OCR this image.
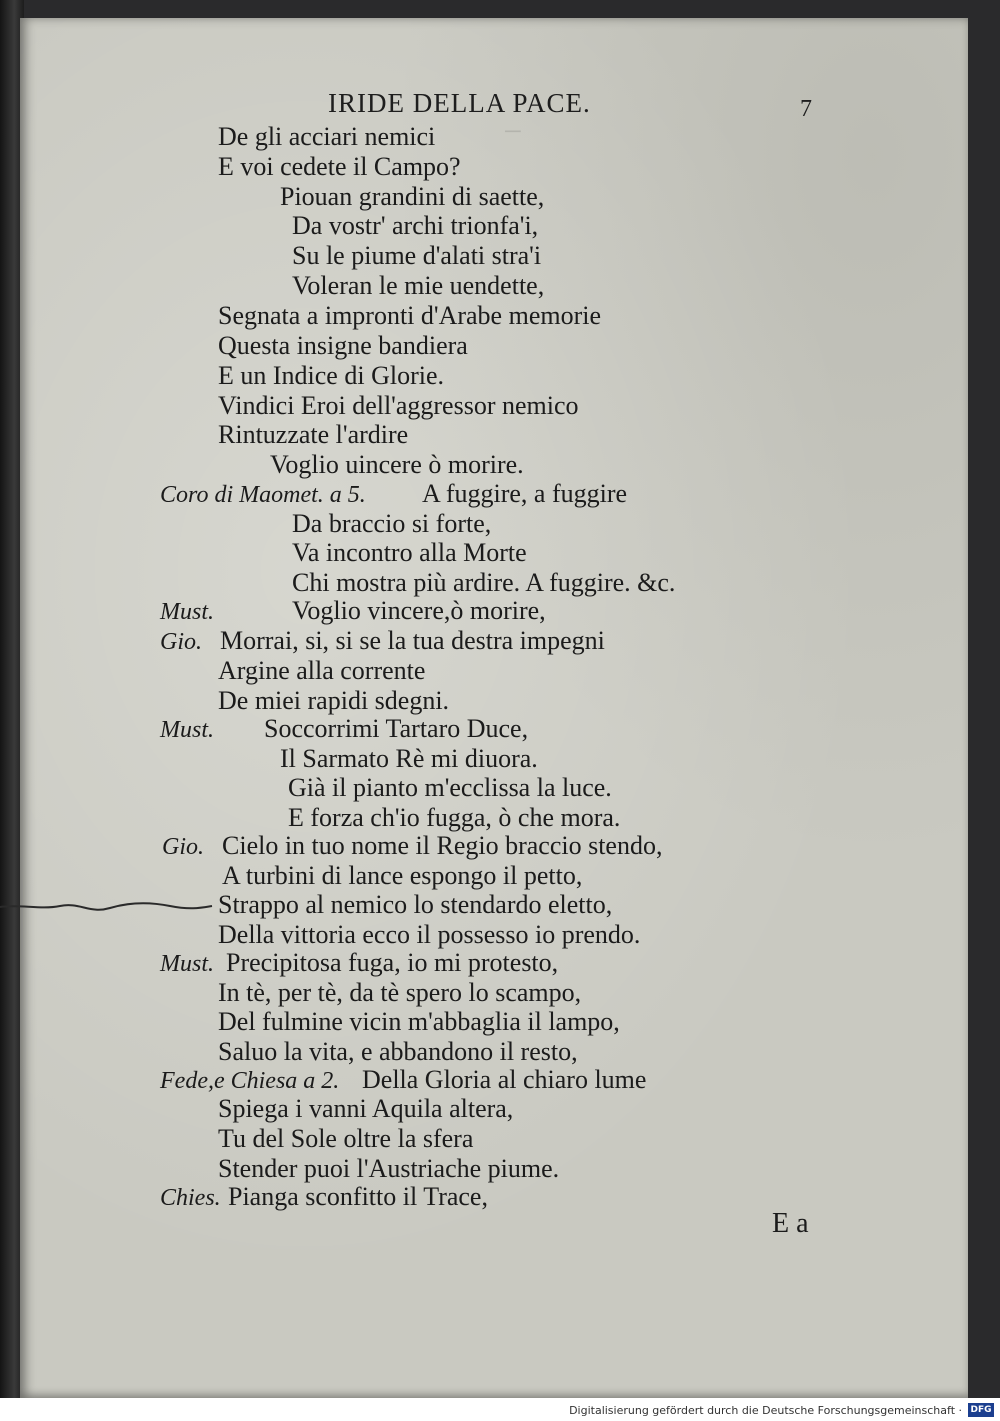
─
IRIDE DELLA PACE.	7
De gli acciari nemici
E voi cedete il Campo?
Piouan grandini di saette,
Da vostr' archi trionfa'i,
Su le piume d'alati stra'i
Voleran le mie uendette,
Segnata a impronti d'Arabe memorie
Questa insigne bandiera
E un Indice di Glorie.
Vindici Eroi dell'aggressor nemico
Rintuzzate l'ardire
Voglio uincere ò morire.
Coro di Maomet. a 5. A fuggire, a fuggire
Da braccio si forte,
Va incontro alla Morte
Chi mostra più ardire. A fuggire. &c.
Must.	Voglio vincere,ò morire,
Gio. Morrai, si, si se la tua destra impegni
Argine alla corrente
De miei rapidi sdegni.
Must. Soccorrimi Tartaro Duce,
Il Sarmato Rè mi diuora.
Già il pianto m'ecclissa la luce.
E forza ch'io fugga, ò che mora.
Gio. Cielo in tuo nome il Regio braccio stendo,
A turbini di lance espongo il petto,
Strappo al nemico lo stendardo eletto,
Della vittoria ecco il possesso io prendo.
Must. Precipitosa fuga, io mi protesto,
In tè, per tè, da tè spero lo scampo,
Del fulmine vicin m'abbaglia il lampo,
Saluo la vita, e abbandono il resto,
Fede,e Chiesa a 2. Della Gloria al chiaro lume
Spiega i vanni Aquila altera,
Tu del Sole oltre la sfera
Stender puoi l'Austriache piume.
Chies. Pianga sconfitto il Trace,
E a
Digitalisierung gefördert durch die Deutsche Forschungsgemeinschaft · DFG
